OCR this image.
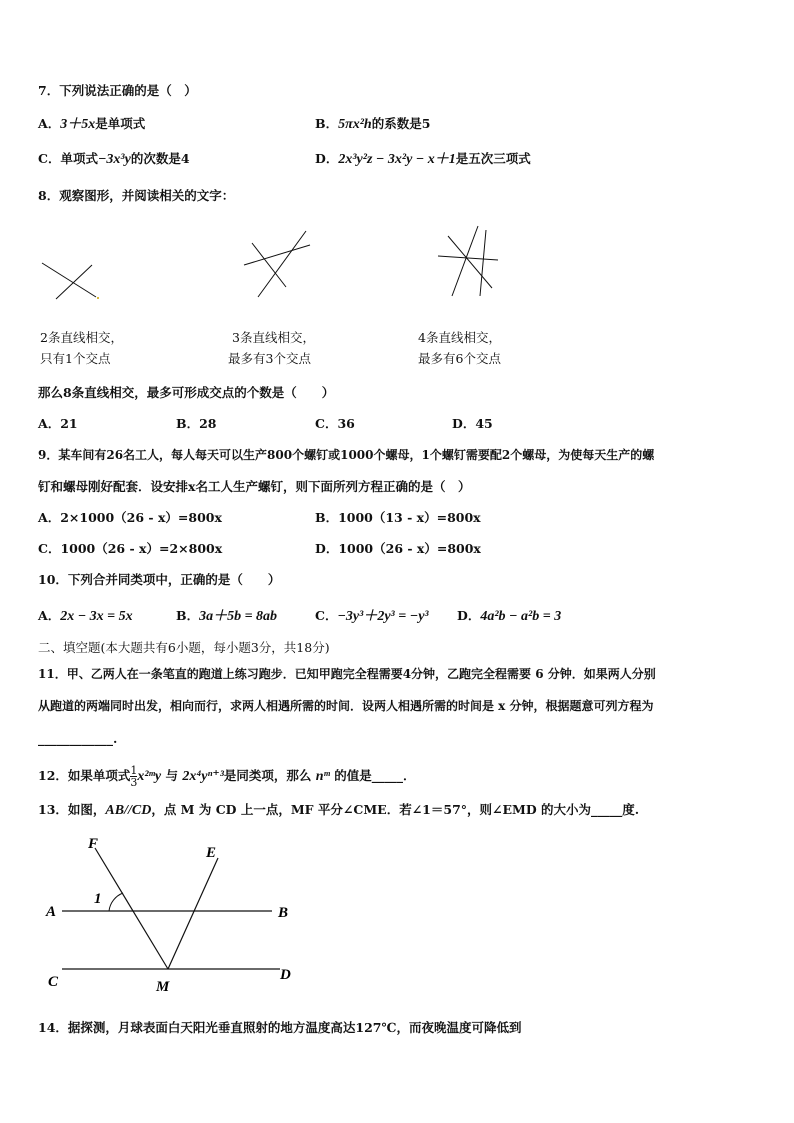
7．下列说法正确的是（　）
A．3＋5x是单项式	B．5πx²h的系数是5
C．单项式−3x³y的次数是4	D．2x³y²z − 3x²y − x＋1是五次三项式
8．观察图形，并阅读相关的文字：
2条直线相交，
只有1个交点
3条直线相交，
最多有3个交点
4条直线相交，
最多有6个交点
那么8条直线相交，最多可形成交点的个数是（　　）
A．21	B．28	C．36	D．45
9．某车间有26名工人，每人每天可以生产800个螺钉或1000个螺母，1个螺钉需要配2个螺母，为使每天生产的螺
钉和螺母刚好配套．设安排x名工人生产螺钉，则下面所列方程正确的是（　）
A．2×1000（26 - x）=800x	B．1000（13 - x）=800x
C．1000（26 - x）=2×800x	D．1000（26 - x）=800x
10．下列合并同类项中，正确的是（　　）
A．2x − 3x = 5x	B．3a＋5b = 8ab	C．−3y³＋2y³ = −y³ D．4a²b − a²b = 3
二、填空题(本大题共有6小题，每小题3分，共18分)
11．甲、乙两人在一条笔直的跑道上练习跑步．已知甲跑完全程需要4分钟，乙跑完全程需要 6 分钟．如果两人分别
从跑道的两端同时出发，相向而行，求两人相遇所需的时间．设两人相遇所需的时间是 x 分钟，根据题意可列方程为
____________.
12．如果单项式 $\frac{1}{3}$ x²ᵐy 与 2x⁴yⁿ⁺³是同类项，那么 nᵐ 的值是_____．
13．如图，AB//CD，点 M 为 CD 上一点，MF 平分∠CME．若∠1＝57°，则∠EMD 的大小为_____度.
F
E
A	B
C	D
M
1
14．据探测，月球表面白天阳光垂直照射的地方温度高达127℃，而夜晚温度可降低到
